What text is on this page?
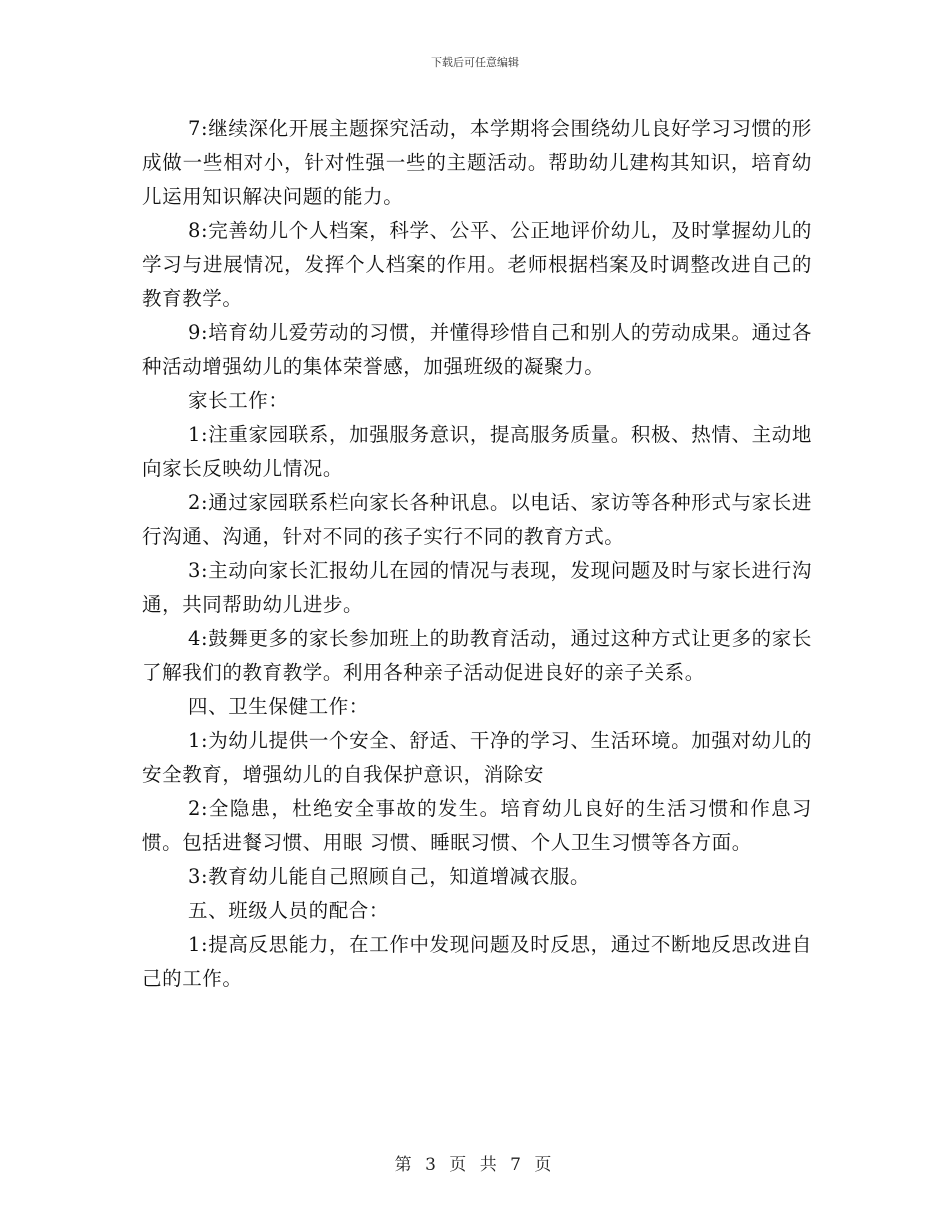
下载后可任意编辑

7:继续深化开展主题探究活动，本学期将会围绕幼儿良好学习习惯的形成做一些相对小，针对性强一些的主题活动。帮助幼儿建构其知识，培育幼儿运用知识解决问题的能力。

8:完善幼儿个人档案，科学、公平、公正地评价幼儿，及时掌握幼儿的学习与进展情况，发挥个人档案的作用。老师根据档案及时调整改进自己的教育教学。

9:培育幼儿爱劳动的习惯，并懂得珍惜自己和别人的劳动成果。通过各种活动增强幼儿的集体荣誉感，加强班级的凝聚力。

家长工作：

1:注重家园联系，加强服务意识，提高服务质量。积极、热情、主动地向家长反映幼儿情况。

2:通过家园联系栏向家长各种讯息。以电话、家访等各种形式与家长进行沟通、沟通，针对不同的孩子实行不同的教育方式。

3:主动向家长汇报幼儿在园的情况与表现，发现问题及时与家长进行沟通，共同帮助幼儿进步。

4:鼓舞更多的家长参加班上的助教育活动，通过这种方式让更多的家长了解我们的教育教学。利用各种亲子活动促进良好的亲子关系。

四、卫生保健工作：

1:为幼儿提供一个安全、舒适、干净的学习、生活环境。加强对幼儿的安全教育，增强幼儿的自我保护意识，消除安

2:全隐患，杜绝安全事故的发生。培育幼儿良好的生活习惯和作息习惯。包括进餐习惯、用眼 习惯、睡眠习惯、个人卫生习惯等各方面。

3:教育幼儿能自己照顾自己，知道增减衣服。

五、班级人员的配合：

1:提高反思能力，在工作中发现问题及时反思，通过不断地反思改进自己的工作。

第 3 页 共 7 页
